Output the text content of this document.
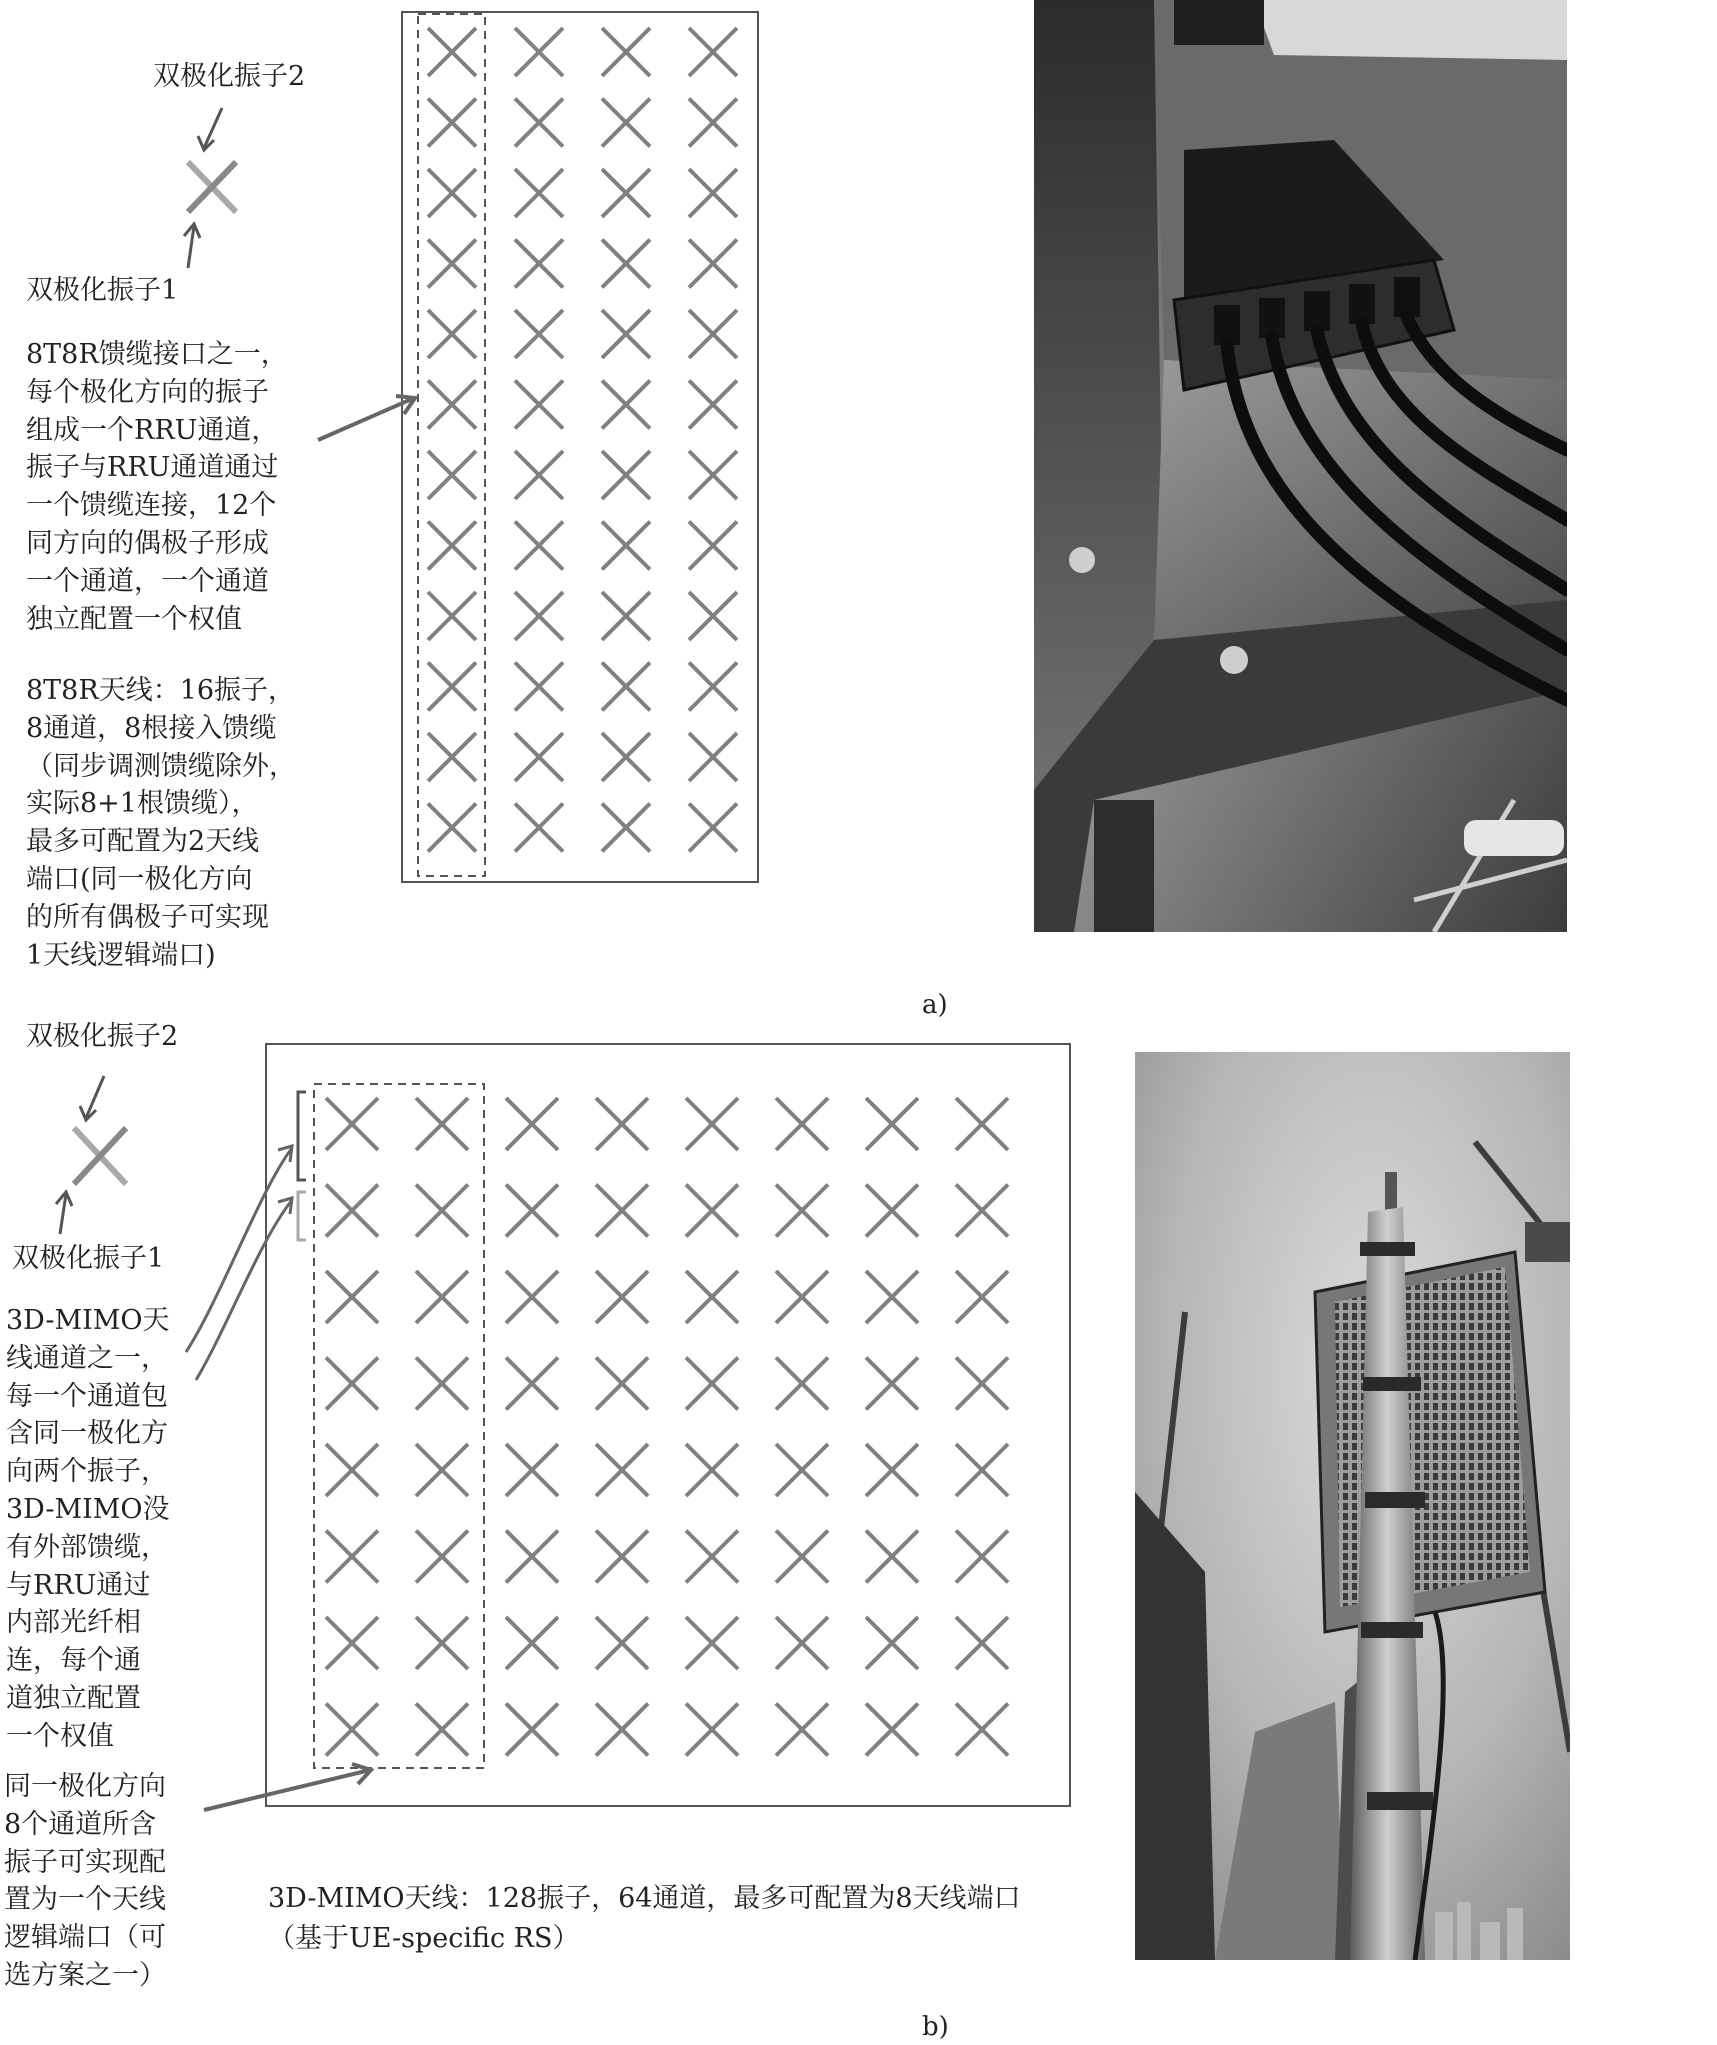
双极化振子2
双极化振子1
8T8R馈缆接口之一，
每个极化方向的振子
组成一个RRU通道，
振子与RRU通道通过
一个馈缆连接，12个
同方向的偶极子形成
一个通道，一个通道
独立配置一个权值
8T8R天线：16振子，
8通道，8根接入馈缆
（同步调测馈缆除外，
实际8+1根馈缆），
最多可配置为2天线
端口(同一极化方向
的所有偶极子可实现
1天线逻辑端口)
a)
双极化振子2
双极化振子1
3D-MIMO天
线通道之一，
每一个通道包
含同一极化方
向两个振子，
3D-MIMO没
有外部馈缆，
与RRU通过
内部光纤相
连，每个通
道独立配置
一个权值
同一极化方向
8个通道所含
振子可实现配
置为一个天线
逻辑端口（可
选方案之一）
3D-MIMO天线：128振子，64通道，最多可配置为8天线端口
（基于UE-specific RS）
b)
